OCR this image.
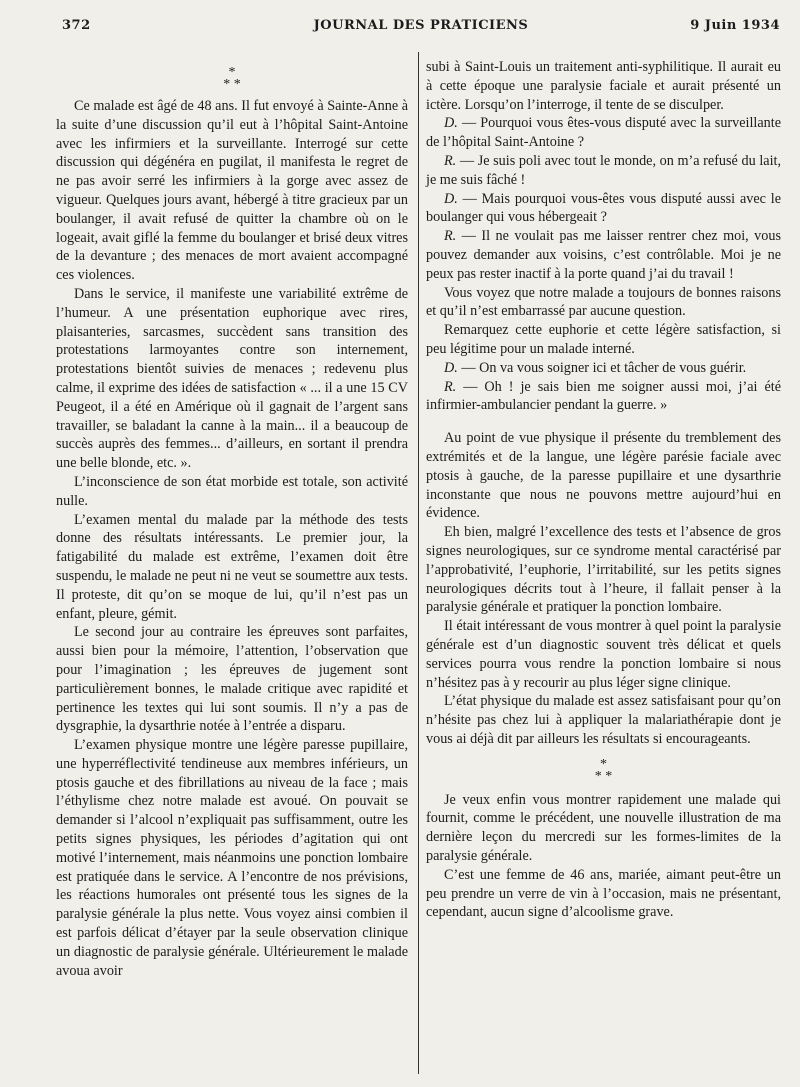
372	JOURNAL DES PRATICIENS	9 Juin 1934
*
* *

Ce malade est âgé de 48 ans. Il fut envoyé à Sainte-Anne à la suite d’une discussion qu’il eut à l’hôpital Saint-Antoine avec les infirmiers et la surveillante. Interrogé sur cette discussion qui dégénéra en pugilat, il manifesta le regret de ne pas avoir serré les infirmiers à la gorge avec assez de vigueur. Quelques jours avant, hébergé à titre gracieux par un boulanger, il avait refusé de quitter la chambre où on le logeait, avait giflé la femme du boulanger et brisé deux vitres de la devanture ; des menaces de mort avaient accompagné ces violences.

Dans le service, il manifeste une variabilité extrême de l’humeur. A une présentation euphorique avec rires, plaisanteries, sarcasmes, succèdent sans transition des protestations larmoyantes contre son internement, protestations bientôt suivies de menaces ; redevenu plus calme, il exprime des idées de satisfaction « ... il a une 15 CV Peugeot, il a été en Amérique où il gagnait de l’argent sans travailler, se baladant la canne à la main... il a beaucoup de succès auprès des femmes... d’ailleurs, en sortant il prendra une belle blonde, etc. ».

L’inconscience de son état morbide est totale, son activité nulle.

L’examen mental du malade par la méthode des tests donne des résultats intéressants. Le premier jour, la fatigabilité du malade est extrême, l’examen doit être suspendu, le malade ne peut ni ne veut se soumettre aux tests. Il proteste, dit qu’on se moque de lui, qu’il n’est pas un enfant, pleure, gémit.

Le second jour au contraire les épreuves sont parfaites, aussi bien pour la mémoire, l’attention, l’observation que pour l’imagination ; les épreuves de jugement sont particulièrement bonnes, le malade critique avec rapidité et pertinence les textes qui lui sont soumis. Il n’y a pas de dysgraphie, la dysarthrie notée à l’entrée a disparu.

L’examen physique montre une légère paresse pupillaire, une hyperréflectivité tendineuse aux membres inférieurs, un ptosis gauche et des fibrillations au niveau de la face ; mais l’éthylisme chez notre malade est avoué. On pouvait se demander si l’alcool n’expliquait pas suffisamment, outre les petits signes physiques, les périodes d’agitation qui ont motivé l’internement, mais néanmoins une ponction lombaire est pratiquée dans le service. A l’encontre de nos prévisions, les réactions humorales ont présenté tous les signes de la paralysie générale la plus nette. Vous voyez ainsi combien il est parfois délicat d’étayer par la seule observation clinique un diagnostic de paralysie générale. Ultérieurement le malade avoua avoir

subi à Saint-Louis un traitement anti-syphilitique. Il aurait eu à cette époque une paralysie faciale et aurait présenté un ictère. Lorsqu’on l’interroge, il tente de se disculper.

D. — Pourquoi vous êtes-vous disputé avec la surveillante de l’hôpital Saint-Antoine ?

R. — Je suis poli avec tout le monde, on m’a refusé du lait, je me suis fâché !

D. — Mais pourquoi vous-êtes vous disputé aussi avec le boulanger qui vous hébergeait ?

R. — Il ne voulait pas me laisser rentrer chez moi, vous pouvez demander aux voisins, c’est contrôlable. Moi je ne peux pas rester inactif à la porte quand j’ai du travail !

Vous voyez que notre malade a toujours de bonnes raisons et qu’il n’est embarrassé par aucune question.

Remarquez cette euphorie et cette légère satisfaction, si peu légitime pour un malade interné.

D. — On va vous soigner ici et tâcher de vous guérir.

R. — Oh ! je sais bien me soigner aussi moi, j’ai été infirmier-ambulancier pendant la guerre. »

Au point de vue physique il présente du tremblement des extrémités et de la langue, une légère parésie faciale avec ptosis à gauche, de la paresse pupillaire et une dysarthrie inconstante que nous ne pouvons mettre aujourd’hui en évidence.

Eh bien, malgré l’excellence des tests et l’absence de gros signes neurologiques, sur ce syndrome mental caractérisé par l’approbativité, l’euphorie, l’irritabilité, sur les petits signes neurologiques décrits tout à l’heure, il fallait penser à la paralysie générale et pratiquer la ponction lombaire.

Il était intéressant de vous montrer à quel point la paralysie générale est d’un diagnostic souvent très délicat et quels services pourra vous rendre la ponction lombaire si nous n’hésitez pas à y recourir au plus léger signe clinique.

L’état physique du malade est assez satisfaisant pour qu’on n’hésite pas chez lui à appliquer la malariathérapie dont je vous ai déjà dit par ailleurs les résultats si encourageants.

*
* *

Je veux enfin vous montrer rapidement une malade qui fournit, comme le précédent, une nouvelle illustration de ma dernière leçon du mercredi sur les formes-limites de la paralysie générale.

C’est une femme de 46 ans, mariée, aimant peut-être un peu prendre un verre de vin à l’occasion, mais ne présentant, cependant, aucun signe d’alcoolisme grave.
